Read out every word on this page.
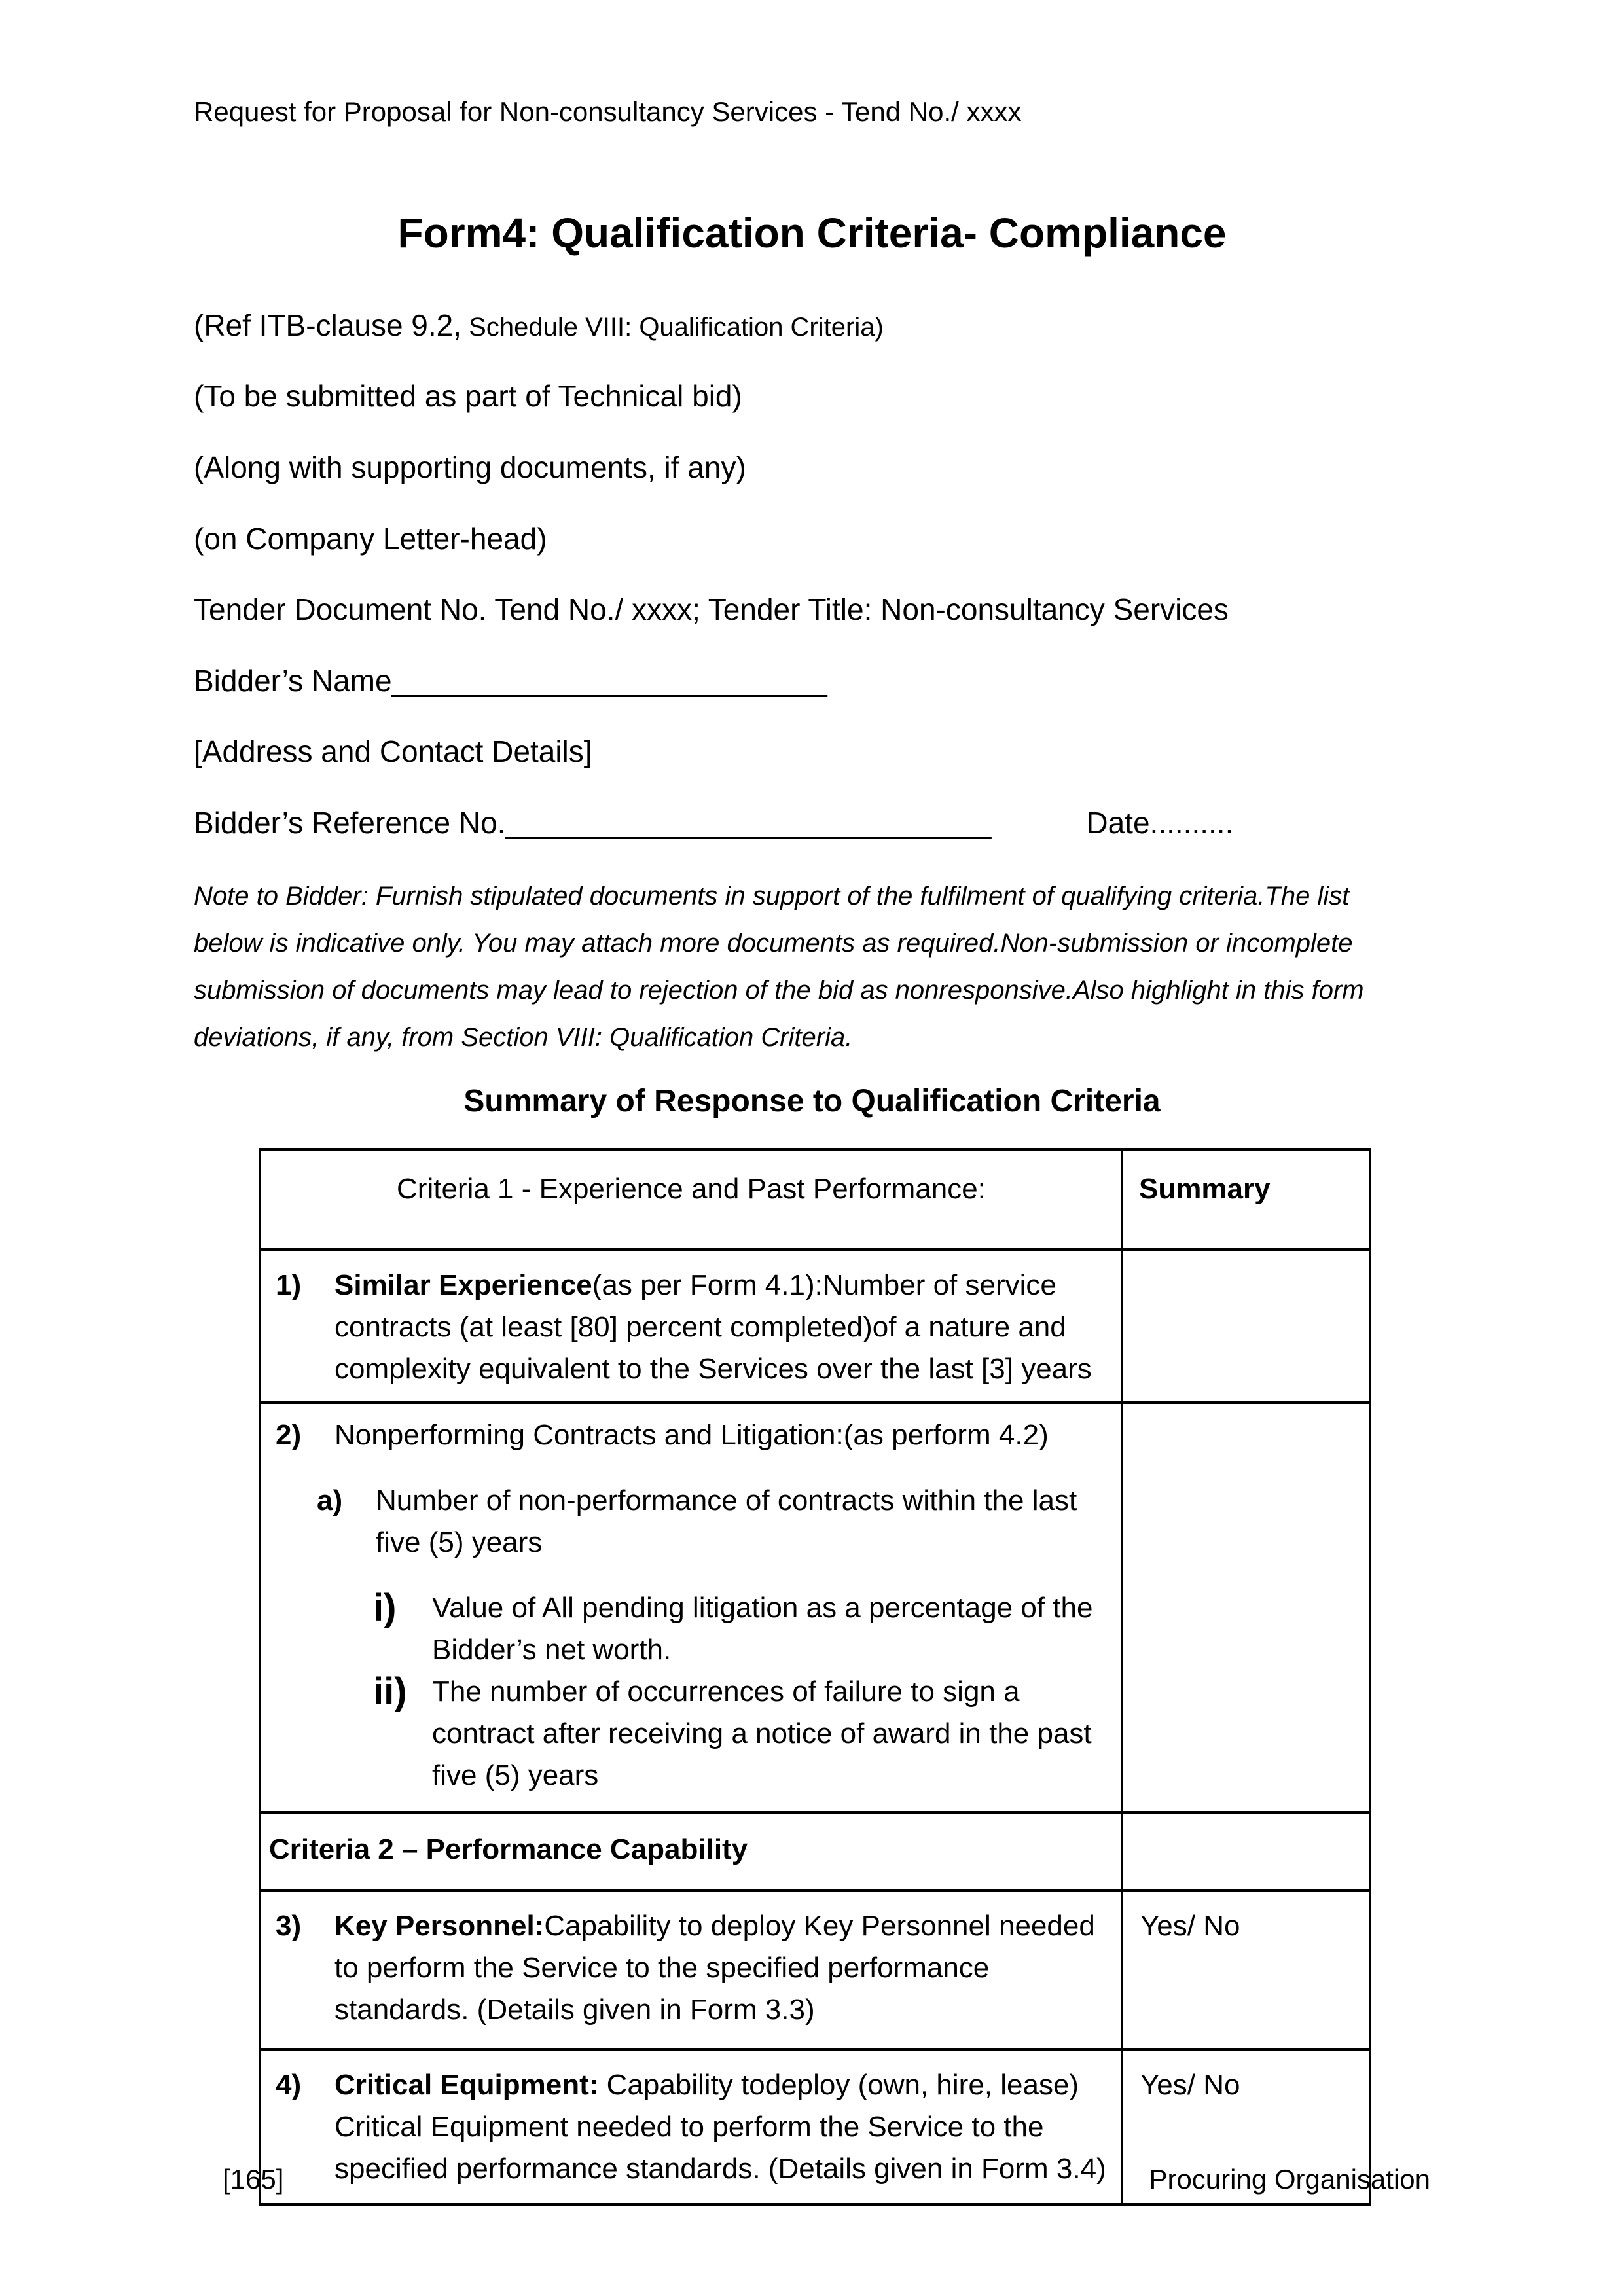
Request for Proposal for Non-consultancy Services - Tend No./ xxxx
Form4: Qualification Criteria- Compliance

(Ref ITB-clause 9.2, Schedule VIII: Qualification Criteria)

(To be submitted as part of Technical bid)

(Along with supporting documents, if any)

(on Company Letter-head)

Tender Document No. Tend No./ xxxx; Tender Title: Non-consultancy Services

Bidder’s Name__________________________

[Address and Contact Details]

Bidder’s Reference No._____________________________	Date..........

Note to Bidder: Furnish stipulated documents in support of the fulfilment of qualifying criteria.The list
below is indicative only. You may attach more documents as required.Non-submission or incomplete
submission of documents may lead to rejection of the bid as nonresponsive.Also highlight in this form
deviations, if any, from Section VIII: Qualification Criteria.
Summary of Response to Qualification Criteria
Criteria 1 - Experience and Past Performance:	Summary

1) Similar Experience(as per Form 4.1):Number of service contracts (at least [80] percent completed)of a nature and complexity equivalent to the Services over the last [3] years	

2)	Nonperforming Contracts and Litigation:(as perform 4.2)
a)	Number of non-performance of contracts within the last five (5) years
i)	Value of All pending litigation as a percentage of the Bidder’s net worth.
ii) The number of occurrences of failure to sign a contract after receiving a notice of award in the past five (5) years

Criteria 2 – Performance Capability	

3) Key Personnel:Capability to deploy Key Personnel needed to perform the Service to the specified performance standards. (Details given in Form 3.3)	Yes/ No

4) Critical Equipment: Capability todeploy (own, hire, lease) Critical Equipment needed to perform the Service to the specified performance standards. (Details given in Form 3.4)	Yes/ No
[165]	Procuring Organisation
